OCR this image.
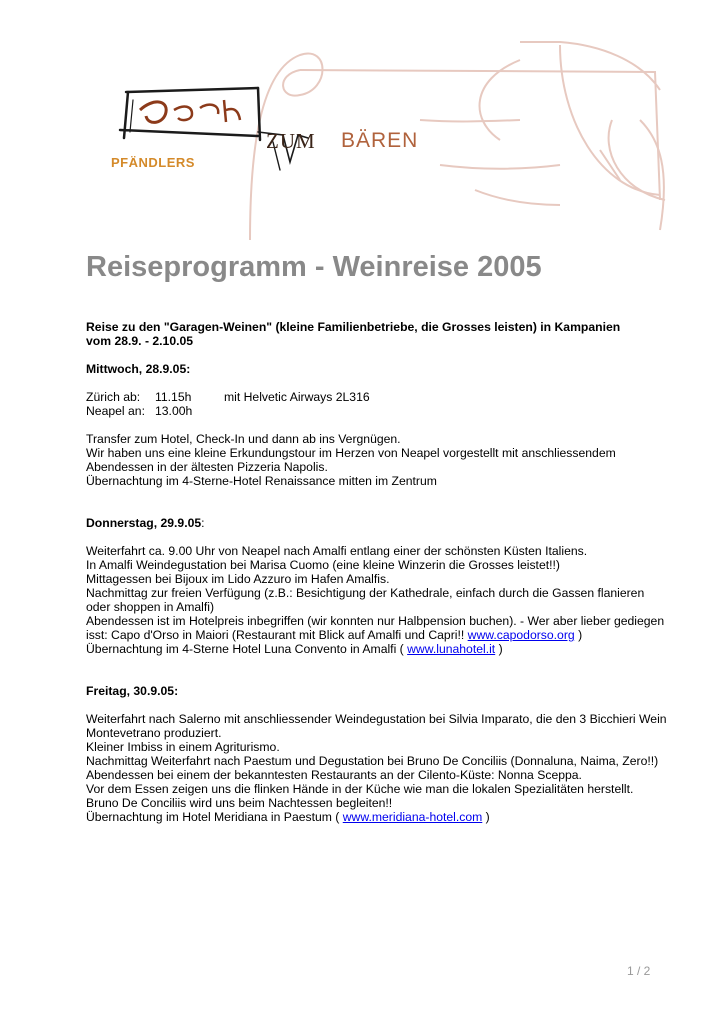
ZUM BÄREN
PFÄNDLERS
Reiseprogramm - Weinreise 2005
Reise zu den "Garagen-Weinen" (kleine Familienbetriebe, die Grosses leisten) in Kampanien
vom 28.9. - 2.10.05
Mittwoch, 28.9.05:
Zürich ab: 11.15h	mit Helvetic Airways 2L316
Neapel an: 13.00h
Transfer zum Hotel, Check-In und dann ab ins Vergnügen.
Wir haben uns eine kleine Erkundungstour im Herzen von Neapel vorgestellt mit anschliessendem
Abendessen in der ältesten Pizzeria Napolis.
Übernachtung im 4-Sterne-Hotel Renaissance mitten im Zentrum
Donnerstag, 29.9.05:
Weiterfahrt ca. 9.00 Uhr von Neapel nach Amalfi entlang einer der schönsten Küsten Italiens.
In Amalfi Weindegustation bei Marisa Cuomo (eine kleine Winzerin die Grosses leistet!!)
Mittagessen bei Bijoux im Lido Azzuro im Hafen Amalfis.
Nachmittag zur freien Verfügung (z.B.: Besichtigung der Kathedrale, einfach durch die Gassen flanieren
oder shoppen in Amalfi)
Abendessen ist im Hotelpreis inbegriffen (wir konnten nur Halbpension buchen). - Wer aber lieber gediegen
isst: Capo d'Orso in Maiori (Restaurant mit Blick auf Amalfi und Capri!! www.capodorso.org )
Übernachtung im 4-Sterne Hotel Luna Convento in Amalfi ( www.lunahotel.it )
Freitag, 30.9.05:
Weiterfahrt nach Salerno mit anschliessender Weindegustation bei Silvia Imparato, die den 3 Bicchieri Wein
Montevetrano produziert.
Kleiner Imbiss in einem Agriturismo.
Nachmittag Weiterfahrt nach Paestum und Degustation bei Bruno De Conciliis (Donnaluna, Naima, Zero!!)
Abendessen bei einem der bekanntesten Restaurants an der Cilento-Küste: Nonna Sceppa.
Vor dem Essen zeigen uns die flinken Hände in der Küche wie man die lokalen Spezialitäten herstellt.
Bruno De Conciliis wird uns beim Nachtessen begleiten!!
Übernachtung im Hotel Meridiana in Paestum ( www.meridiana-hotel.com )
1 / 2
